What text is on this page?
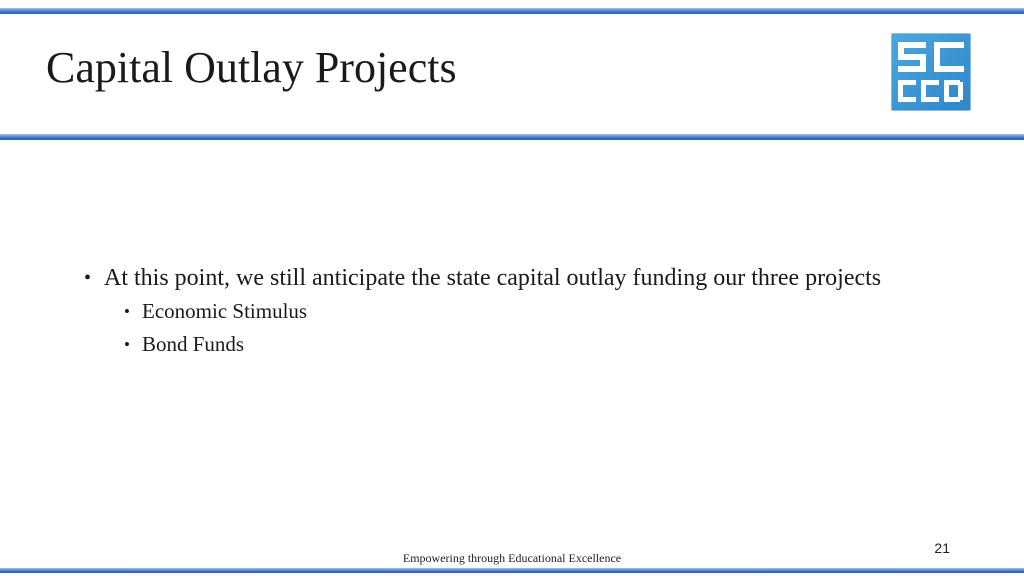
Capital Outlay Projects
• At this point, we still anticipate the state capital outlay funding our three projects
• Economic Stimulus
• Bond Funds
Empowering through Educational Excellence
21
